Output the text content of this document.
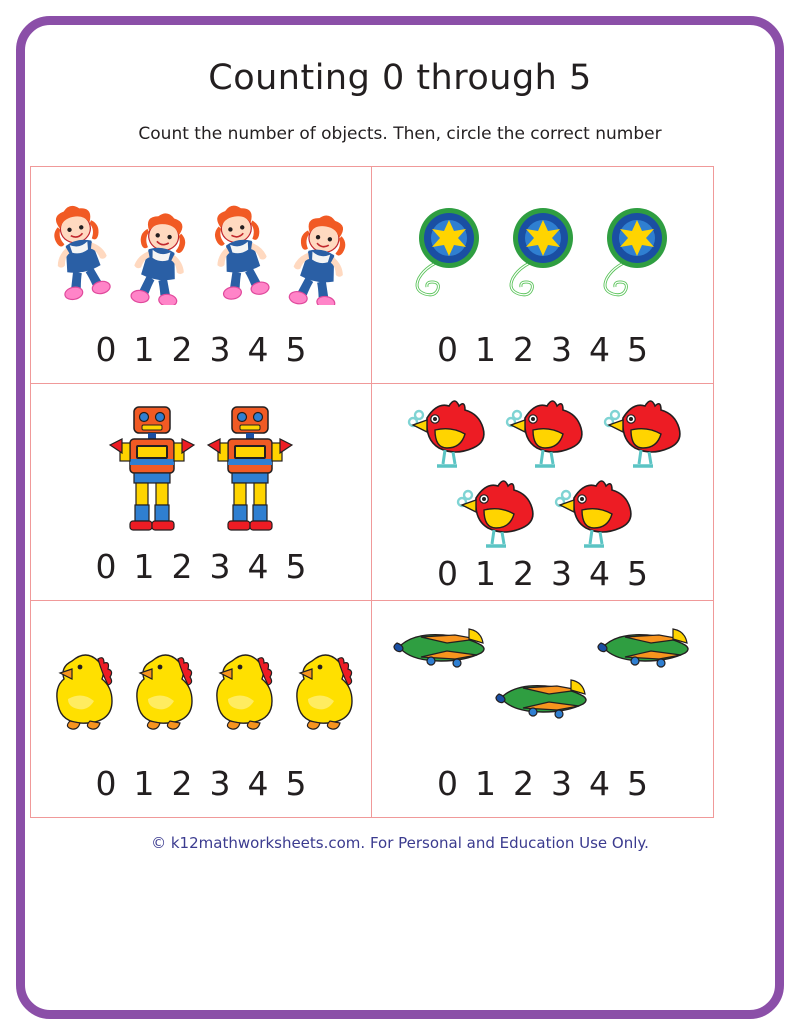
Counting 0 through 5
Count the number of objects. Then, circle the correct number
0 1 2 3 4 5	0 1 2 3 4 5
0 1 2 3 4 5	0 1 2 3 4 5
0 1 2 3 4 5	0 1 2 3 4 5
© k12mathworksheets.com. For Personal and Education Use Only.
